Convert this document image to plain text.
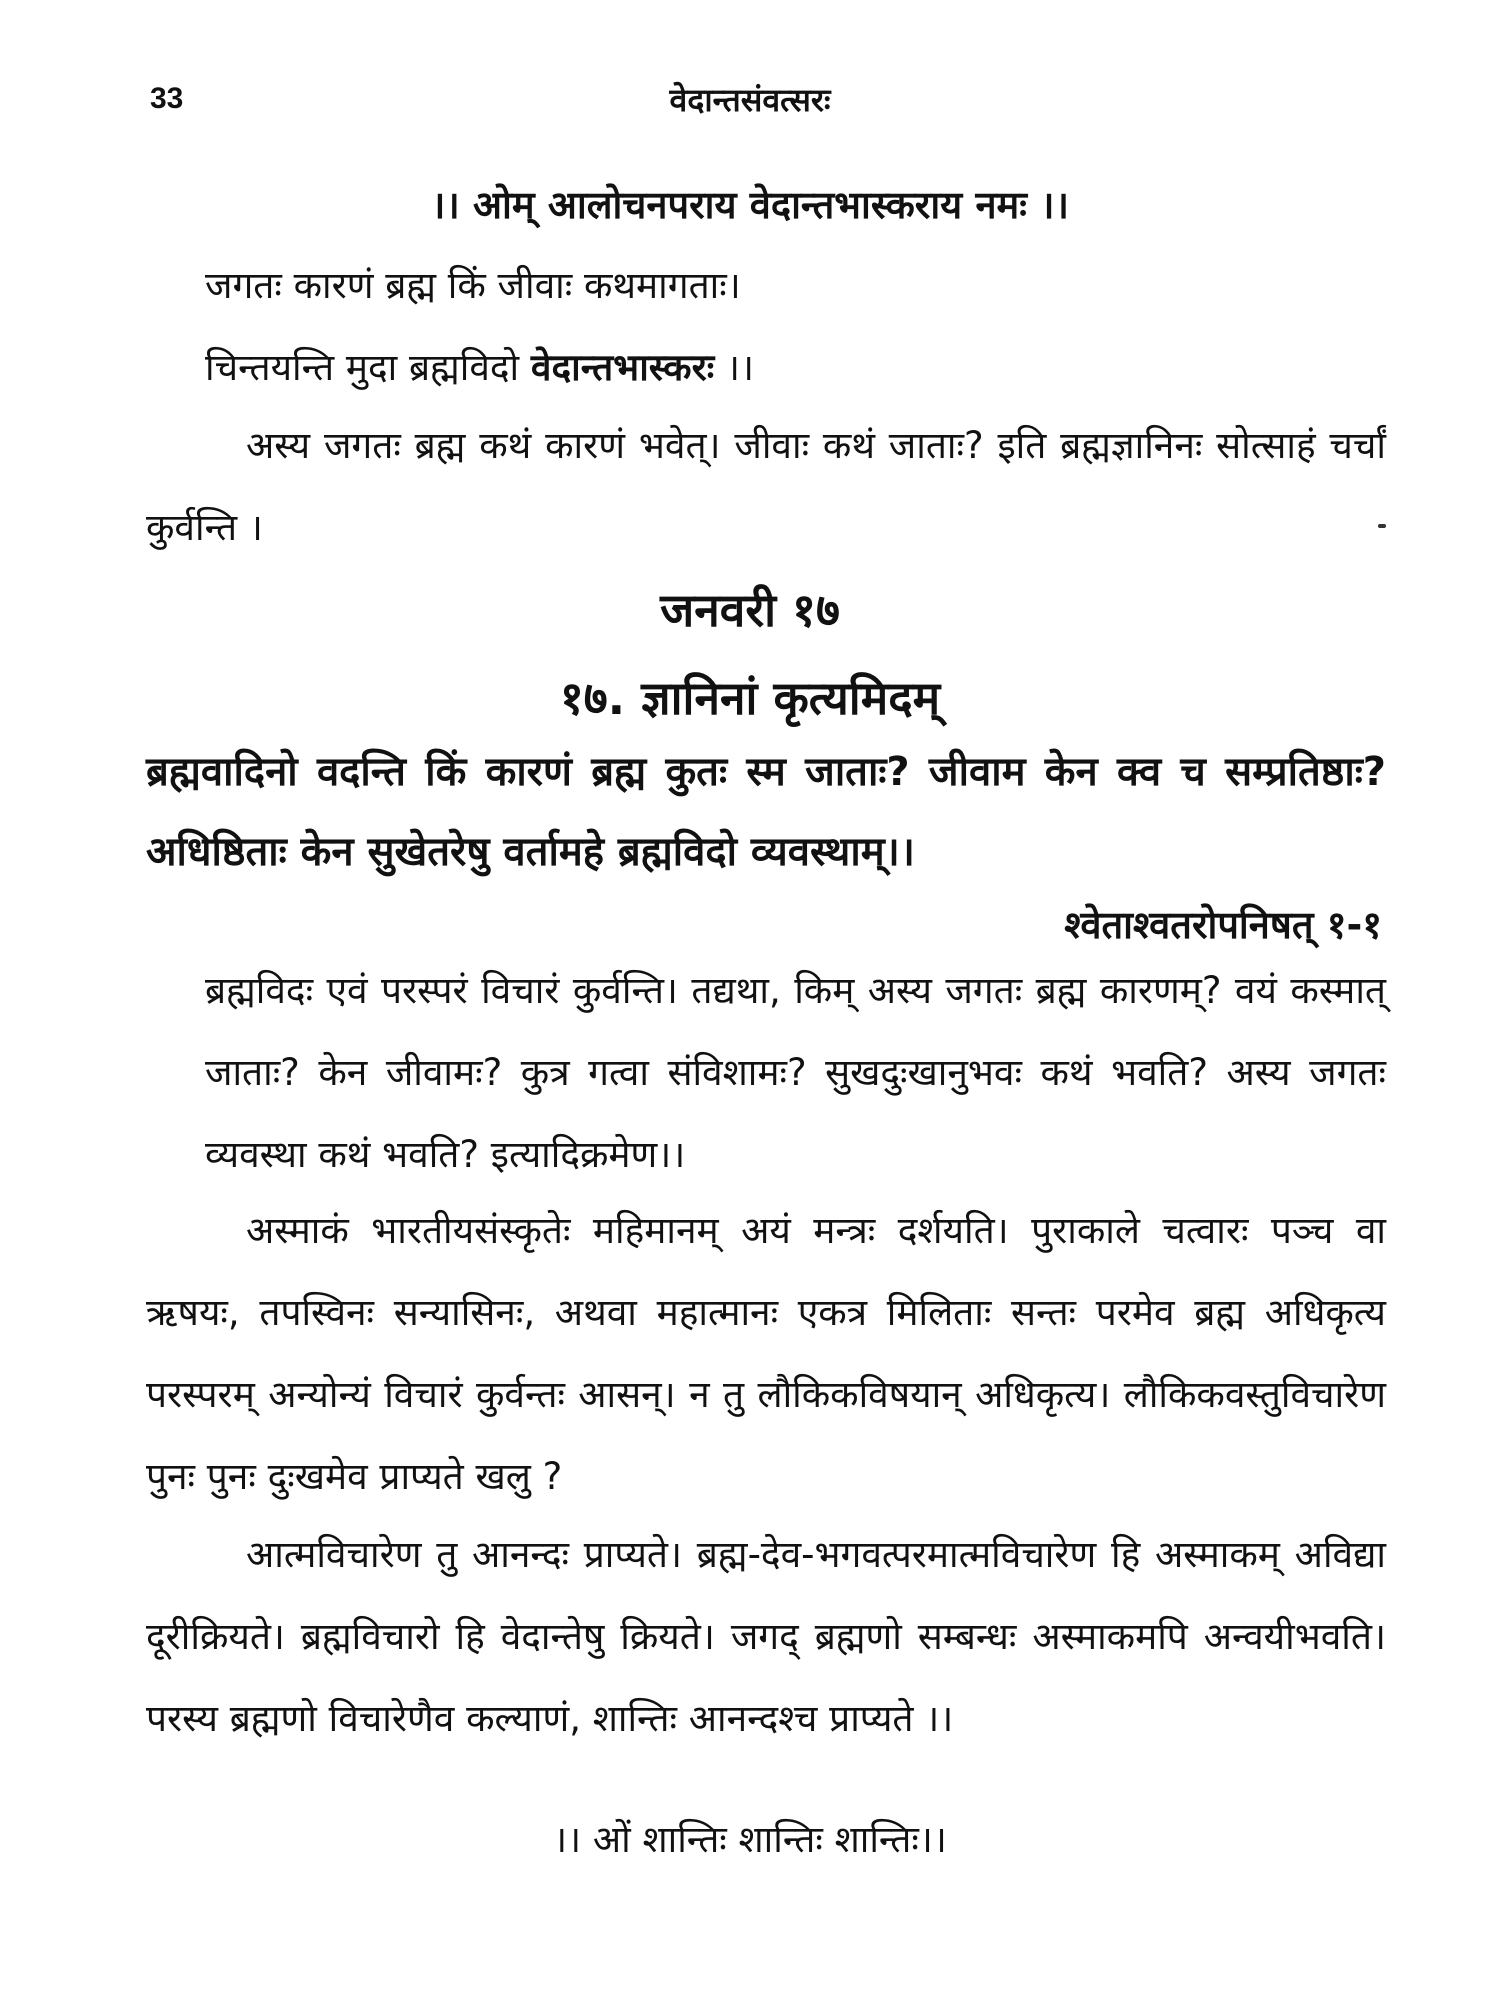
33	वेदान्तसंवत्सरः
।। ओम् आलोचनपराय वेदान्तभास्कराय नमः ।।
जगतः कारणं ब्रह्म किं जीवाः कथमागताः।
चिन्तयन्ति मुदा ब्रह्मविदो वेदान्तभास्करः ।।
अस्य जगतः ब्रह्म कथं कारणं भवेत्। जीवाः कथं जाताः? इति ब्रह्मज्ञानिनः सोत्साहं चर्चां कुर्वन्ति ।
जनवरी १७
१७. ज्ञानिनां कृत्यमिदम्
ब्रह्मवादिनो वदन्ति किं कारणं ब्रह्म कुतः स्म जाताः? जीवाम केन क्व च सम्प्रतिष्ठाः? अधिष्ठिताः केन सुखेतरेषु वर्तामहे ब्रह्मविदो व्यवस्थाम्।।
श्वेताश्वतरोपनिषत् १-१
ब्रह्मविदः एवं परस्परं विचारं कुर्वन्ति। तद्यथा, किम् अस्य जगतः ब्रह्म कारणम्? वयं कस्मात् जाताः? केन जीवामः? कुत्र गत्वा संविशामः? सुखदुःखानुभवः कथं भवति? अस्य जगतः व्यवस्था कथं भवति? इत्यादिक्रमेण।।
अस्माकं भारतीयसंस्कृतेः महिमानम् अयं मन्त्रः दर्शयति। पुराकाले चत्वारः पञ्च वा ऋषयः, तपस्विनः सन्यासिनः, अथवा महात्मानः एकत्र मिलिताः सन्तः परमेव ब्रह्म अधिकृत्य परस्परम् अन्योन्यं विचारं कुर्वन्तः आसन्। न तु लौकिकविषयान् अधिकृत्य। लौकिकवस्तुविचारेण पुनः पुनः दुःखमेव प्राप्यते खलु ?
आत्मविचारेण तु आनन्दः प्राप्यते। ब्रह्म-देव-भगवत्परमात्मविचारेण हि अस्माकम् अविद्या दूरीक्रियते। ब्रह्मविचारो हि वेदान्तेषु क्रियते। जगद् ब्रह्मणो सम्बन्धः अस्माकमपि अन्वयीभवति। परस्य ब्रह्मणो विचारेणैव कल्याणं, शान्तिः आनन्दश्च प्राप्यते ।।
।। ओं शान्तिः शान्तिः शान्तिः।।
